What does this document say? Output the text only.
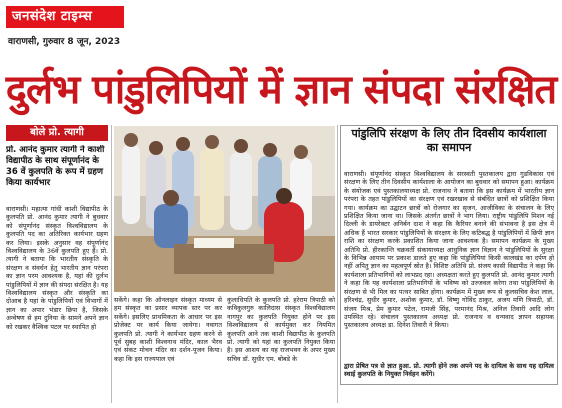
जनसंदेश टाइम्स
वाराणसी, गुरुवार 8 जून, 2023
दुर्लभ पांडुलिपियों में ज्ञान संपदा संरक्षित
बोले प्रो. त्यागी
प्रो. आनंद कुमार त्यागी ने काशी विद्यापीठ के साथ संपूर्णानंद के 36 वें कुलपति के रूप में ग्रहण किया कार्यभार
वाराणसी। महात्मा गांधी काशी विद्यापीठ के कुलपति प्रो. आनंद कुमार त्यागी ने बुधवार को संपूर्णानंद संस्कृत विश्वविद्यालय के कुलपति पद का अतिरिक्त कार्यभार ग्रहण कर लिया। इसके अनुसार वह संपूर्णानंद विश्वविद्यालय के 36वें कुलपति हुए हैं। प्रो. त्यागी ने बताया कि भारतीय संस्कृति के संरक्षण व संवर्धन हेतु भारतीय ज्ञान परंपरा का ज्ञान परम आवश्यक है, यहां की दुर्लभ पांडुलिपियों में ज्ञान की संपदा संरक्षित है। यह विश्वविद्यालय संस्कृत और संस्कृति का दोआब है यहां के पांडुलिपियों एवं विभागों में ज्ञान का अपार भंडार छिपा है, जिसके अन्वेषण से हम दुनिया के सामने अपने ज्ञान को रखकर वैश्विक पटल पर स्थापित हो
सकेंगे। कहा कि ऑनलाइन संस्कृत माध्यम से हम संस्कृत का प्रसार व्यापक स्तर पर कर सकेंगे। इसलिए प्राथमिकता के आधार पर इस प्रोजेक्ट पर कार्य किया जायेगा। नवागत कुलपति प्रो. त्यागी ने कार्यभार ग्रहण करने से पूर्व सुबह काशी विश्वनाथ मंदिर, काल भैरव एवं संकट मोचन मंदिर का दर्शन-पूजन किया। कहा कि इस राज्यपाल एवं
कुलाधिपति के कुलपति प्रो. हरेराम त्रिपाठी को कविकुलगुरु कालिदास संस्कृत विश्वविद्यालय नागपुर का कुलपति नियुक्त होने पर इस विश्वविद्यालय से कार्यमुक्त कर नियमित कुलपति आने तक काशी विद्यापीठ के कुलपति प्रो. त्यागी को यहां का कुलपति नियुक्त किया है। इस आशय का यह राजभवन के अपर मुख्य सचिव डॉ. सुधीर एम. बोबडे के
पांडुलिपि संरक्षण के लिए तीन दिवसीय कार्यशाला का समापन
वाराणसी। संपूर्णानंद संस्कृत विश्वविद्यालय के सरस्वती पुस्तकालय द्वारा गुडविकास एवं संरक्षण के लिए तीन दिवसीय कार्यशाला के आयोजन का बुधवार को समापन हुआ। कार्यक्रम के संयोजक एवं पुस्तकालयाध्यक्ष प्रो. राजनाथ ने बताया कि इस कार्यक्रम में भारतीय ज्ञान परंपरा के तहत पांडुलिपियों का संरक्षण एवं रखरखाव से संबंधित छात्रों को प्रशिक्षित किया गया। कार्यक्रम का उद्घाटन छात्रों को रोजगार का सृजन, आजीविका के संचालन के लिए प्रशिक्षित किया जाना था। जिसके अंतर्गत छात्रों ने भाग लिया। राष्ट्रीय पांडुलिपि मिशन नई दिल्ली के डायरेक्टर अनिर्बन दाश ने कहा कि कैरियर बनाने की संभावना है इस क्षेत्र में अधिक हैं भारत सरकार पांडुलिपियों के संरक्षण के लिए कटिबद्ध है पांडुलिपियों में छिपी ज्ञान राशि का संरक्षण करके प्रकाशित किया जाना आवश्यक है। समापन कार्यक्रम के मुख्य अतिथि प्रो. हीरकान्ति चक्रवर्ती संकायाध्यक्ष आधुनिक ज्ञान विज्ञान ने पांडुलिपियों के सुरक्षा के विभिन्न आयाम पर प्रकाश डालते हुए कहा कि पांडुलिपियां किसी कालखंड का दर्पण हो नहीं अपितु ज्ञान का महत्वपूर्ण स्रोत है। विशिष्ट अतिथि प्रो. संजय कासी विद्यापीठ ने कहा कि कार्यशाला प्रतिभागियों को लाभप्रद रहा। अध्यक्षता करते हुए कुलपति प्रो. आनंद कुमार त्यागी ने कहा कि यह कार्यशाला प्रतिभागियों के भविष्य को उज्जवल करेगा तथा पांडुलिपियों के संरक्षण से भी मिल का पत्थर साबित होगा। कार्यक्रम में मुख्य रूप से कुलसचिव केश लाल, हरिश्चंद्र, सुधीर कुमार, अशोक कुमार, डॉ. विष्णु गोविंद ठाकुर, अजय मणि त्रिपाठी, डॉ. संजय मिश्र, प्रेम कुमार पटेल, रामजी सिंह, परमानंद मिश्र, अनिल तिवारी आदि लोग उपस्थित रहे। संचालन पुस्तकालय अध्यक्ष प्रो. राजनाथ व धन्यवाद ज्ञापन सहायक पुस्तकालय अध्यक्ष डा. दिनेश तिवारी ने किया।
द्वारा प्रेषित पत्र से ज्ञात हुआ. प्रो. त्यागी होने तक अपने पद के दायित्व के साथ यह दायित्व स्थाई कुलपति के नियुक्त निर्वहन करेंगे।
